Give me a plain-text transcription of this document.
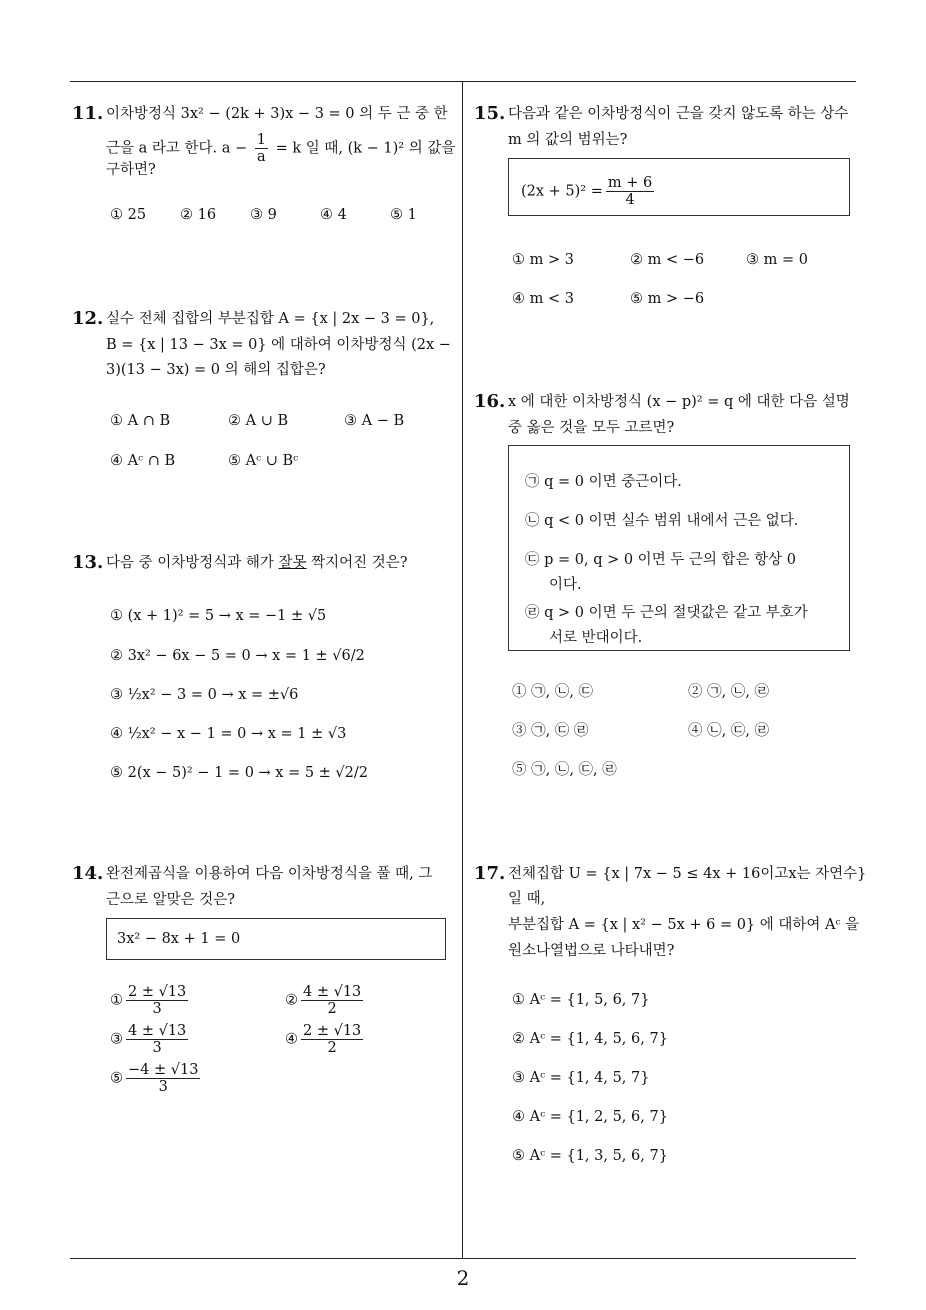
2
11. 이차방정식 3x² − (2k + 3)x − 3 = 0 의 두 근 중 한
근을 a 라고 한다. $a - \frac{1}{a} = k$ 일 때, (k − 1)² 의 값을
구하면?
① 25 ② 16 ③ 9	④ 4	⑤ 1
12. 실수 전체 집합의 부분집합 A = {x | 2x − 3 = 0},
B = {x | 13 − 3x = 0} 에 대하여 이차방정식 (2x −
3)(13 − 3x) = 0 의 해의 집합은?
① A ∩ B	② A ∪ B	③ A − B
④ Aᶜ ∩ B	⑤ Aᶜ ∪ Bᶜ
13. 다음 중 이차방정식과 해가 잘못 짝지어진 것은?
① (x + 1)² = 5 → x = −1 ± √5
② 3x² − 6x − 5 = 0 → x = 1 ± √6/2
③ ½x² − 3 = 0 → x = ±√6
④ ½x² − x − 1 = 0 → x = 1 ± √3
⑤ 2(x − 5)² − 1 = 0 → x = 5 ± √2/2
14. 완전제곱식을 이용하여 다음 이차방정식을 풀 때, 그
근으로 알맞은 것은?
3x² − 8x + 1 = 0
① $\frac{2 \pm √13}{3}$	② $\frac{4 \pm √13}{2}$
③ $\frac{4 \pm √13}{3}$	④ $\frac{2 \pm √13}{2}$
⑤ $\frac{-4 \pm √13}{3}$
15. 다음과 같은 이차방정식이 근을 갖지 않도록 하는 상수
m 의 값의 범위는?
$(2x + 5)^2 = \frac{m + 6}{4}$
① m > 3	② m < −6	③ m = 0
④ m < 3	⑤ m > −6
16. x 에 대한 이차방정식 (x − p)² = q 에 대한 다음 설명
중 옳은 것을 모두 고르면?
㉠ q = 0 이면 중근이다.
㉡ q < 0 이면 실수 범위 내에서 근은 없다.
㉢ p = 0, q > 0 이면 두 근의 합은 항상 0
이다.
㉣ q > 0 이면 두 근의 절댓값은 같고 부호가
서로 반대이다.
① ㉠, ㉡, ㉢	② ㉠, ㉡, ㉣
③ ㉠, ㉢ ㉣	④ ㉡, ㉢, ㉣
⑤ ㉠, ㉡, ㉢, ㉣
17. 전체집합 U = {x | 7x − 5 ≤ 4x + 16이고x는 자연수}
일 때,
부분집합 A = {x | x² − 5x + 6 = 0} 에 대하여 Aᶜ 을
원소나열법으로 나타내면?
① Aᶜ = {1, 5, 6, 7}
② Aᶜ = {1, 4, 5, 6, 7}
③ Aᶜ = {1, 4, 5, 7}
④ Aᶜ = {1, 2, 5, 6, 7}
⑤ Aᶜ = {1, 3, 5, 6, 7}
